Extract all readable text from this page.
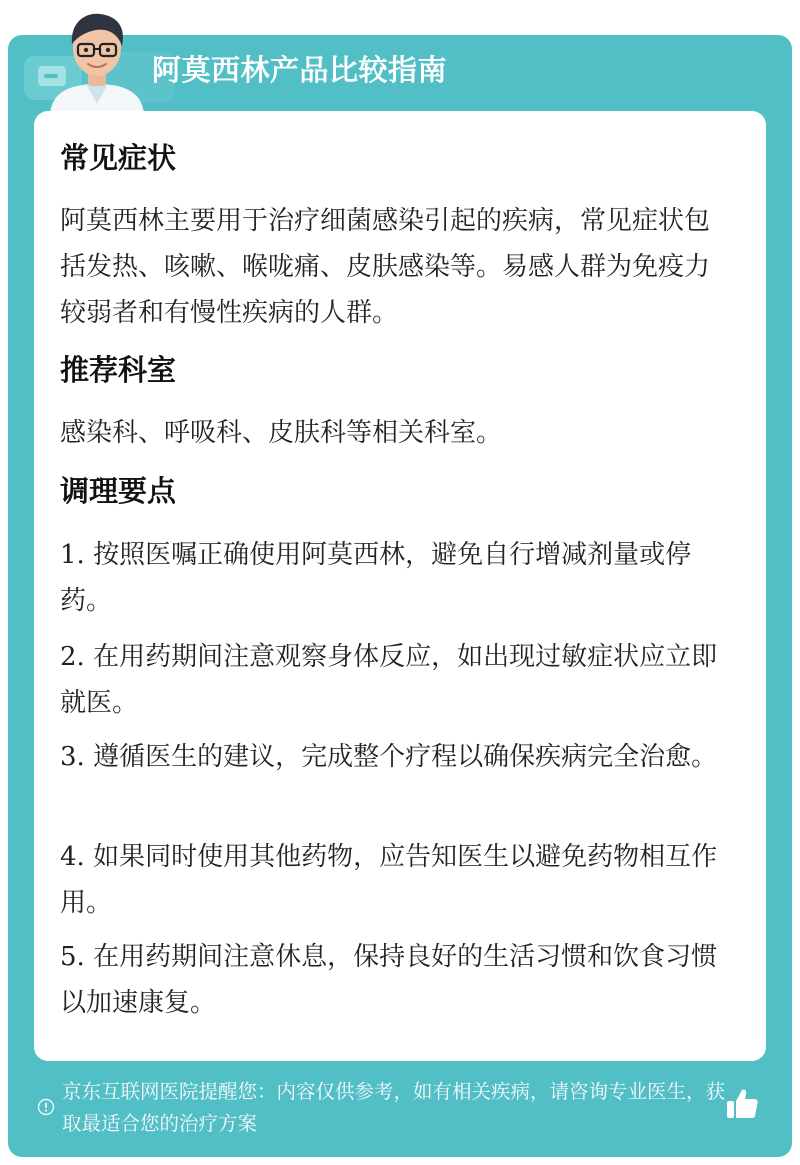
阿莫西林产品比较指南
常见症状
阿莫西林主要用于治疗细菌感染引起的疾病，常见症状包括发热、咳嗽、喉咙痛、皮肤感染等。易感人群为免疫力较弱者和有慢性疾病的人群。
推荐科室
感染科、呼吸科、皮肤科等相关科室。
调理要点
1. 按照医嘱正确使用阿莫西林，避免自行增减剂量或停药。
2. 在用药期间注意观察身体反应，如出现过敏症状应立即就医。
3. 遵循医生的建议，完成整个疗程以确保疾病完全治愈。
4. 如果同时使用其他药物，应告知医生以避免药物相互作用。
5. 在用药期间注意休息，保持良好的生活习惯和饮食习惯以加速康复。
京东互联网医院提醒您：内容仅供参考，如有相关疾病，请咨询专业医生，获取最适合您的治疗方案
